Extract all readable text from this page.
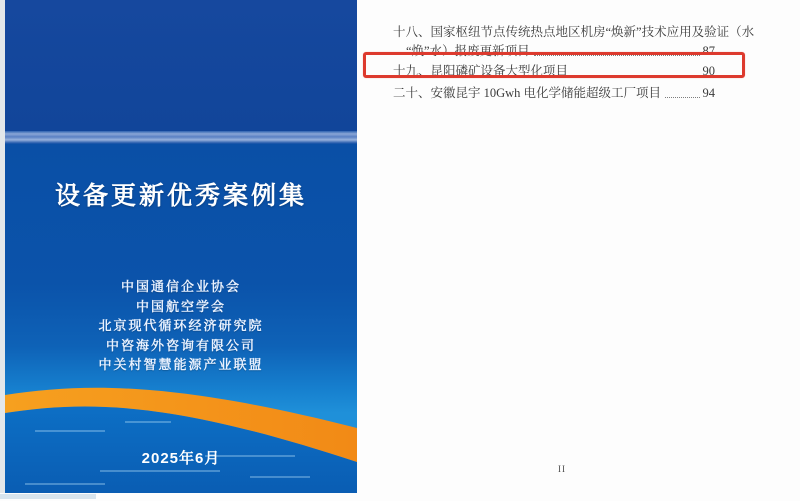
设备更新优秀案例集
中国通信企业协会
中国航空学会
北京现代循环经济研究院
中咨海外咨询有限公司
中关村智慧能源产业联盟
2025年6月
十八、国家枢纽节点传统热点地区机房“焕新”技术应用及验证（水
“焕”水）报废更新项目	87
十九、昆阳磷矿设备大型化项目	90
二十、安徽昆宇 10Gwh 电化学储能超级工厂项目	94
II
